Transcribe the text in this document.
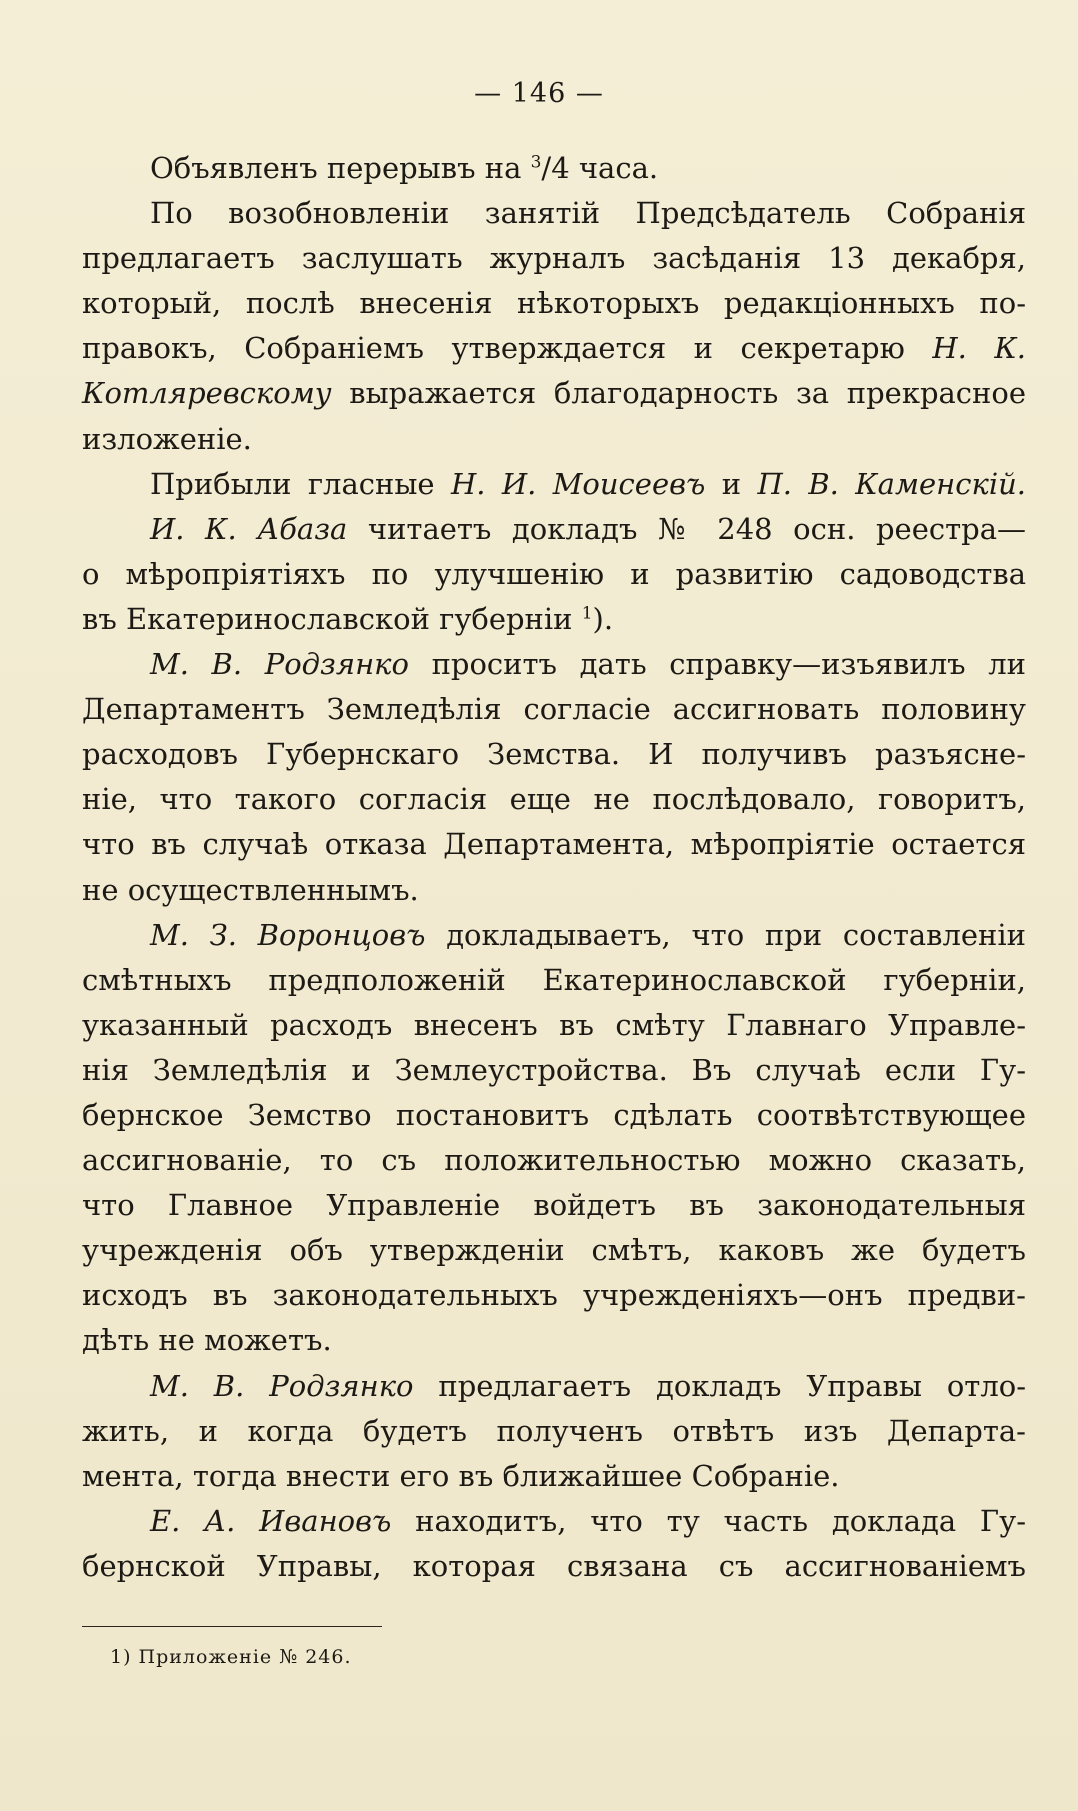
— 146 —
Объявленъ перерывъ на $^3$/4 часа.
По возобновленіи занятій Предсѣдатель Собранія
предлагаетъ заслушать журналъ засѣданія 13 декабря,
который, послѣ внесенія нѣкоторыхъ редакціонныхъ по-
правокъ, Собраніемъ утверждается и секретарю Н. К.
Котляревскому выражается благодарность за прекрасное
изложеніе.
Прибыли гласные Н. И. Моисеевъ и П. В. Каменскій.
И. К. Абаза читаетъ докладъ № 248 осн. реестра—
о мѣропріятіяхъ по улучшенію и развитію садоводства
въ Екатеринославской губерніи $^1$).
М. В. Родзянко проситъ дать справку—изъявилъ ли
Департаментъ Земледѣлія согласіе ассигновать половину
расходовъ Губернскаго Земства. И получивъ разъясне-
ніе, что такого согласія еще не послѣдовало, говоритъ,
что въ случаѣ отказа Департамента, мѣропріятіе остается
не осуществленнымъ.
М. З. Воронцовъ докладываетъ, что при составленіи
смѣтныхъ предположеній Екатеринославской губерніи,
указанный расходъ внесенъ въ смѣту Главнаго Управле-
нія Земледѣлія и Землеустройства. Въ случаѣ если Гу-
бернское Земство постановитъ сдѣлать соотвѣтствующее
ассигнованіе, то съ положительностью можно сказать,
что Главное Управленіе войдетъ въ законодательныя
учрежденія объ утвержденіи смѣтъ, каковъ же будетъ
исходъ въ законодательныхъ учрежденіяхъ—онъ предви-
дѣть не можетъ.
М. В. Родзянко предлагаетъ докладъ Управы отло-
жить, и когда будетъ полученъ отвѣтъ изъ Департа-
мента, тогда внести его въ ближайшее Собраніе.
Е. А. Ивановъ находитъ, что ту часть доклада Гу-
бернской Управы, которая связана съ ассигнованіемъ
1) Приложеніе № 246.
